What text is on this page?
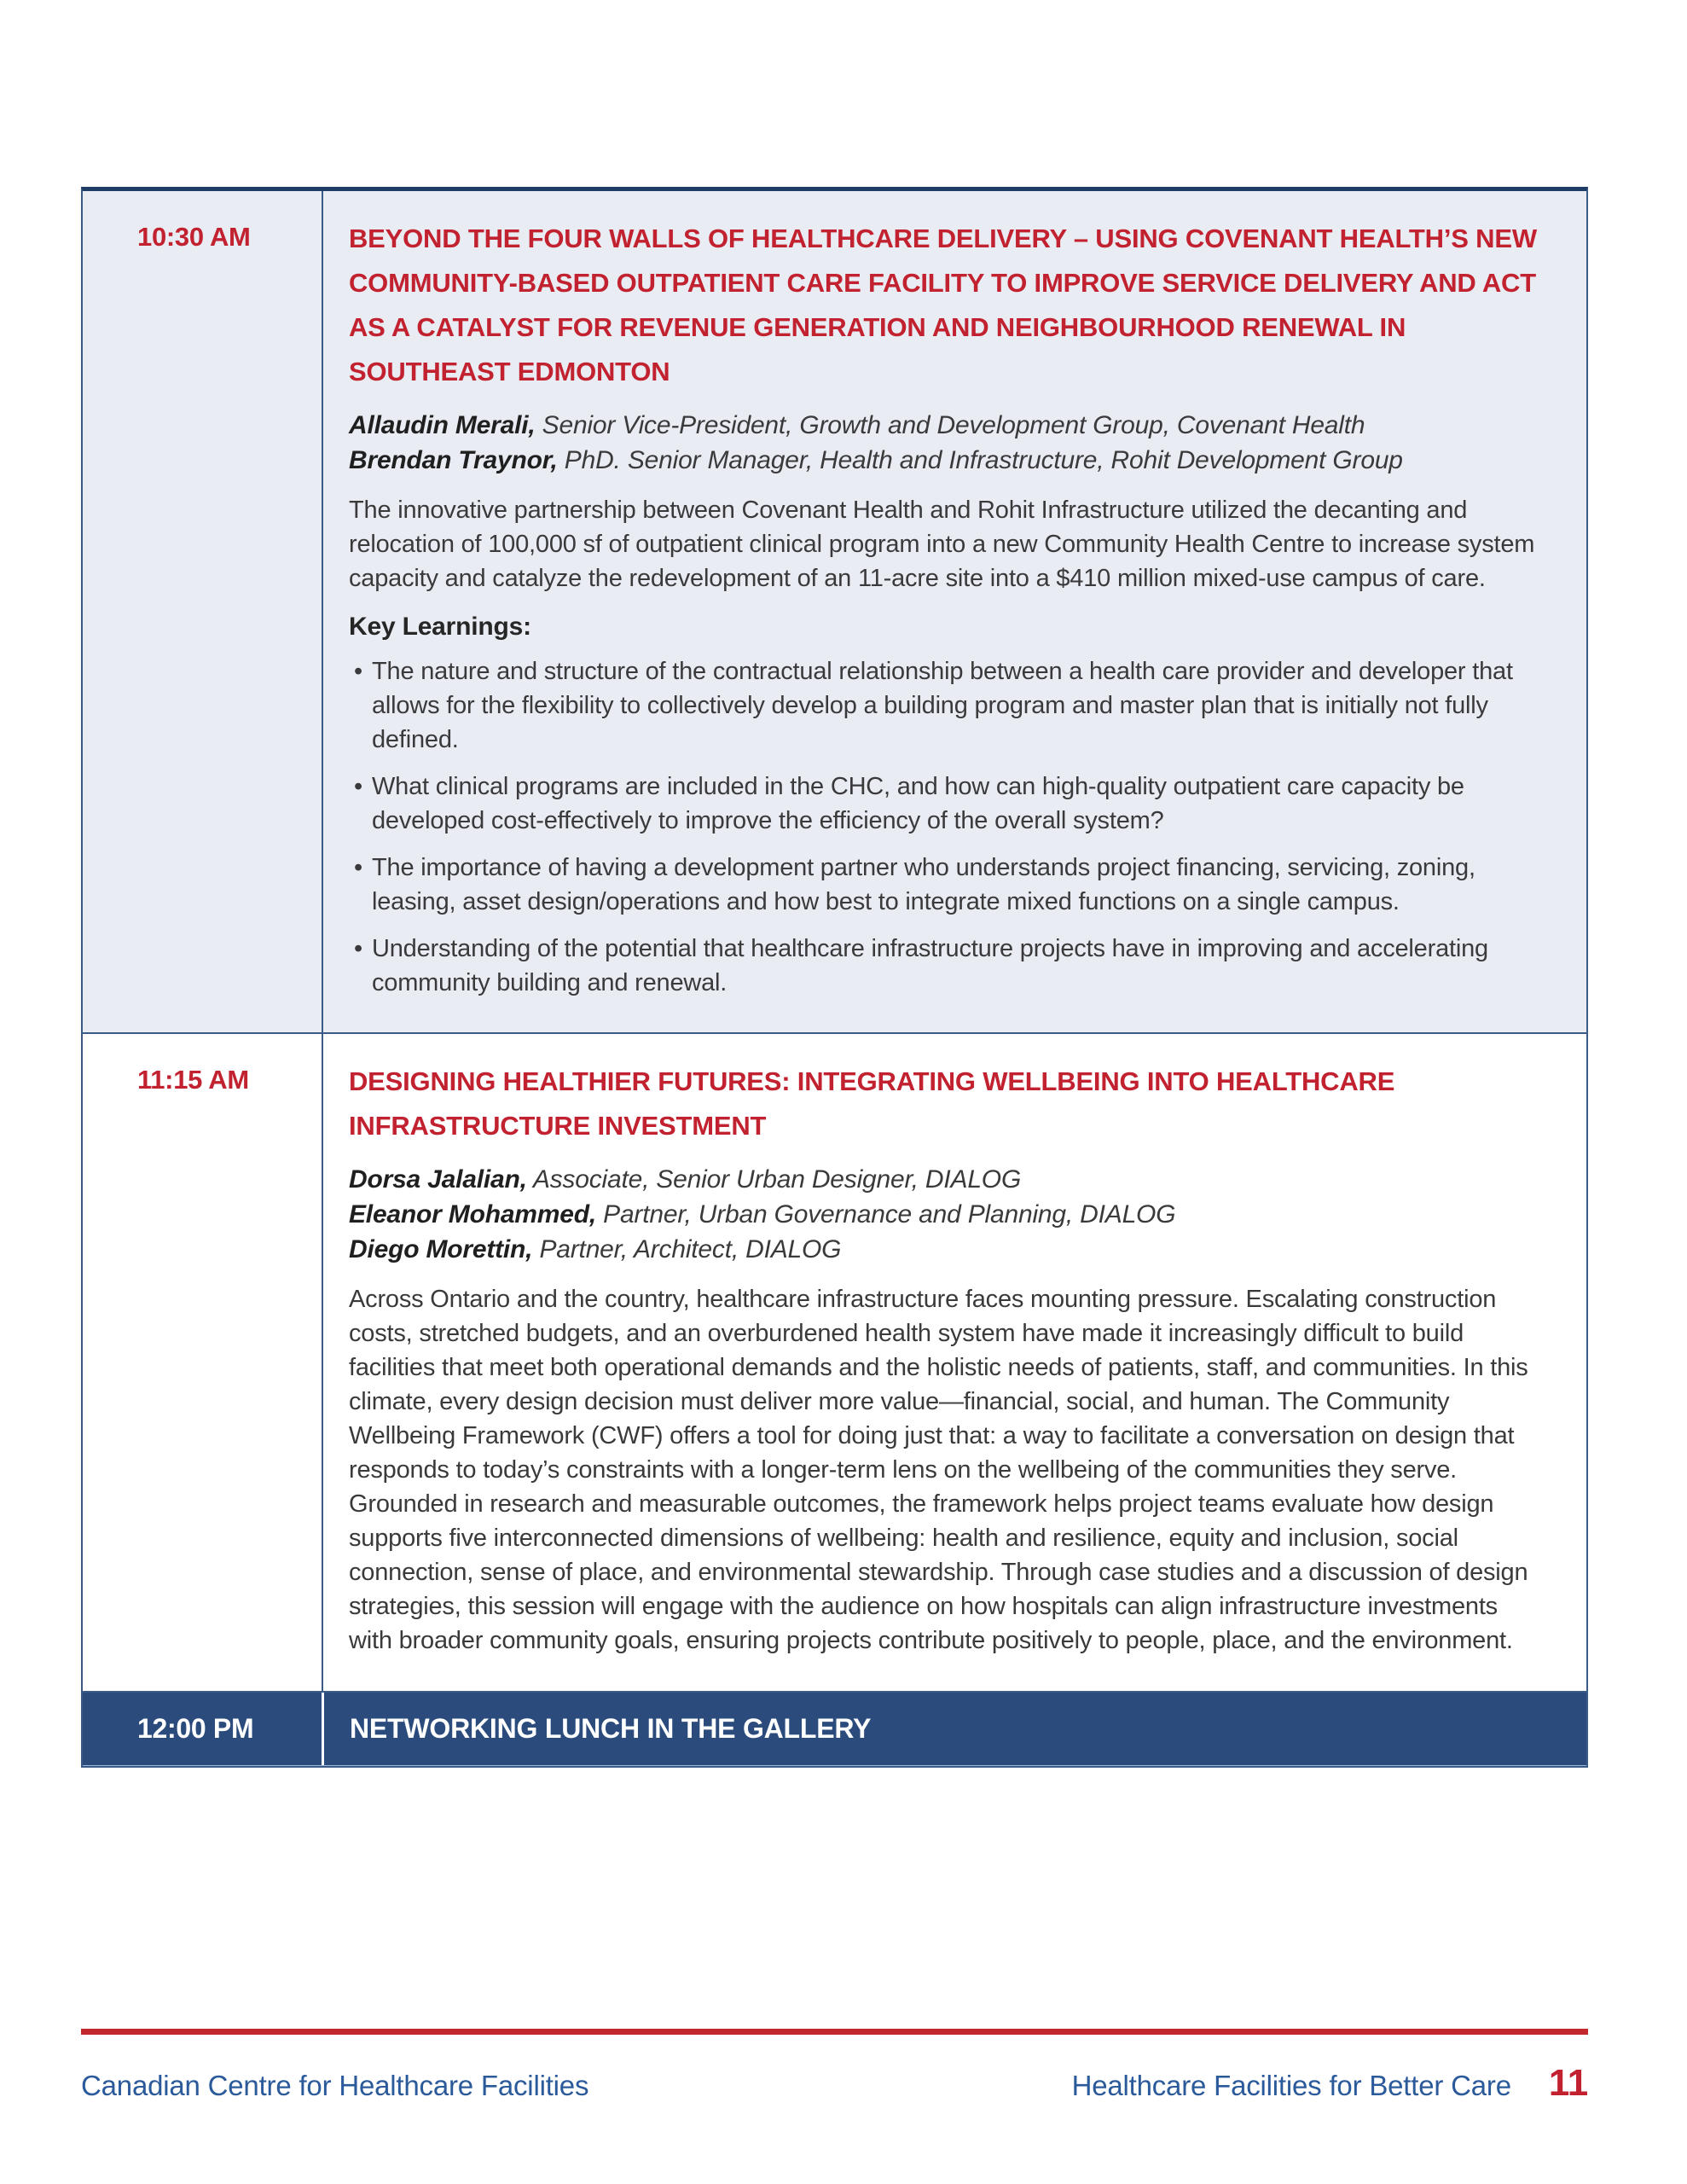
10:30 AM	BEYOND THE FOUR WALLS OF HEALTHCARE DELIVERY – USING COVENANT HEALTH’S NEW COMMUNITY-BASED OUTPATIENT CARE FACILITY TO IMPROVE SERVICE DELIVERY AND ACT AS A CATALYST FOR REVENUE GENERATION AND NEIGHBOURHOOD RENEWAL IN SOUTHEAST EDMONTON

Allaudin Merali, Senior Vice-President, Growth and Development Group, Covenant Health

Brendan Traynor, PhD. Senior Manager, Health and Infrastructure, Rohit Development Group

The innovative partnership between Covenant Health and Rohit Infrastructure utilized the decanting and relocation of 100,000 sf of outpatient clinical program into a new Community Health Centre to increase system capacity and catalyze the redevelopment of an 11-acre site into a $410 million mixed-use campus of care.

Key Learnings:

• The nature and structure of the contractual relationship between a health care provider and developer that allows for the flexibility to collectively develop a building program and master plan that is initially not fully defined.
• What clinical programs are included in the CHC, and how can high-quality outpatient care capacity be developed cost-effectively to improve the efficiency of the overall system?
• The importance of having a development partner who understands project financing, servicing, zoning, leasing, asset design/operations and how best to integrate mixed functions on a single campus.
• Understanding of the potential that healthcare infrastructure projects have in improving and accelerating community building and renewal.
11:15 AM	DESIGNING HEALTHIER FUTURES: INTEGRATING WELLBEING INTO HEALTHCARE INFRASTRUCTURE INVESTMENT

Dorsa Jalalian, Associate, Senior Urban Designer, DIALOG

Eleanor Mohammed, Partner, Urban Governance and Planning, DIALOG

Diego Morettin, Partner, Architect, DIALOG

Across Ontario and the country, healthcare infrastructure faces mounting pressure. Escalating construction costs, stretched budgets, and an overburdened health system have made it increasingly difficult to build facilities that meet both operational demands and the holistic needs of patients, staff, and communities. In this climate, every design decision must deliver more value—financial, social, and human. The Community Wellbeing Framework (CWF) offers a tool for doing just that: a way to facilitate a conversation on design that responds to today’s constraints with a longer-term lens on the wellbeing of the communities they serve. Grounded in research and measurable outcomes, the framework helps project teams evaluate how design supports five interconnected dimensions of wellbeing: health and resilience, equity and inclusion, social connection, sense of place, and environmental stewardship. Through case studies and a discussion of design strategies, this session will engage with the audience on how hospitals can align infrastructure investments with broader community goals, ensuring projects contribute positively to people, place, and the environment.

12:00 PM	NETWORKING LUNCH IN THE GALLERY
Canadian Centre for Healthcare Facilities	Healthcare Facilities for Better Care 11
